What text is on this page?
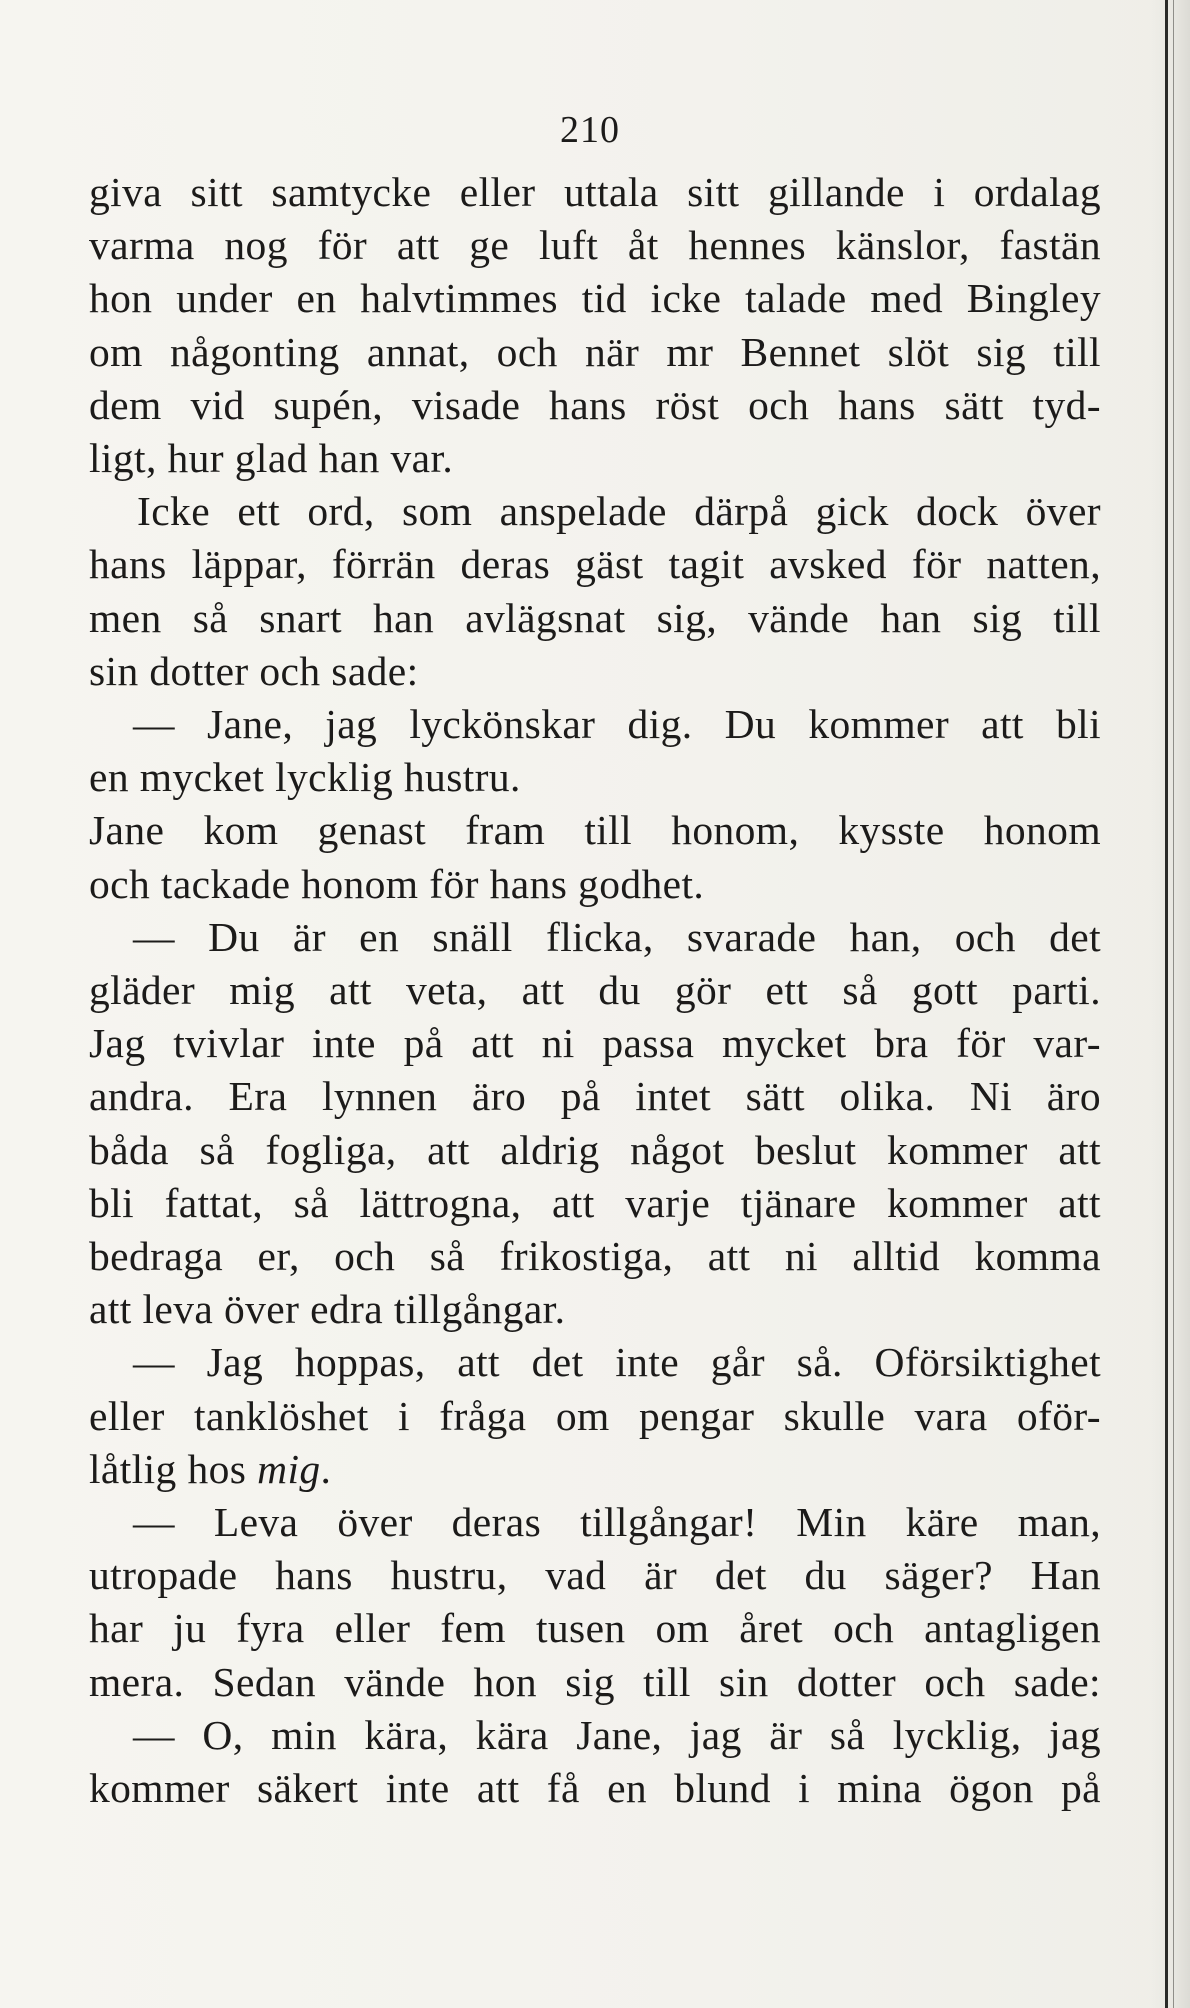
210
giva sitt samtycke eller uttala sitt gillande i ordalag
varma nog för att ge luft åt hennes känslor, fastän
hon under en halvtimmes tid icke talade med Bingley
om någonting annat, och när mr Bennet slöt sig till
dem vid supén, visade hans röst och hans sätt tyd-
ligt, hur glad han var.
Icke ett ord, som anspelade därpå gick dock över
hans läppar, förrän deras gäst tagit avsked för natten,
men så snart han avlägsnat sig, vände han sig till
sin dotter och sade:
— Jane, jag lyckönskar dig. Du kommer att bli
en mycket lycklig hustru.
Jane kom genast fram till honom, kysste honom
och tackade honom för hans godhet.
— Du är en snäll flicka, svarade han, och det
gläder mig att veta, att du gör ett så gott parti.
Jag tvivlar inte på att ni passa mycket bra för var-
andra. Era lynnen äro på intet sätt olika. Ni äro
båda så fogliga, att aldrig något beslut kommer att
bli fattat, så lättrogna, att varje tjänare kommer att
bedraga er, och så frikostiga, att ni alltid komma
att leva över edra tillgångar.
— Jag hoppas, att det inte går så. Oförsiktighet
eller tanklöshet i fråga om pengar skulle vara oför-
låtlig hos mig.
— Leva över deras tillgångar! Min käre man,
utropade hans hustru, vad är det du säger? Han
har ju fyra eller fem tusen om året och antagligen
mera. Sedan vände hon sig till sin dotter och sade:
— O, min kära, kära Jane, jag är så lycklig, jag
kommer säkert inte att få en blund i mina ögon på
